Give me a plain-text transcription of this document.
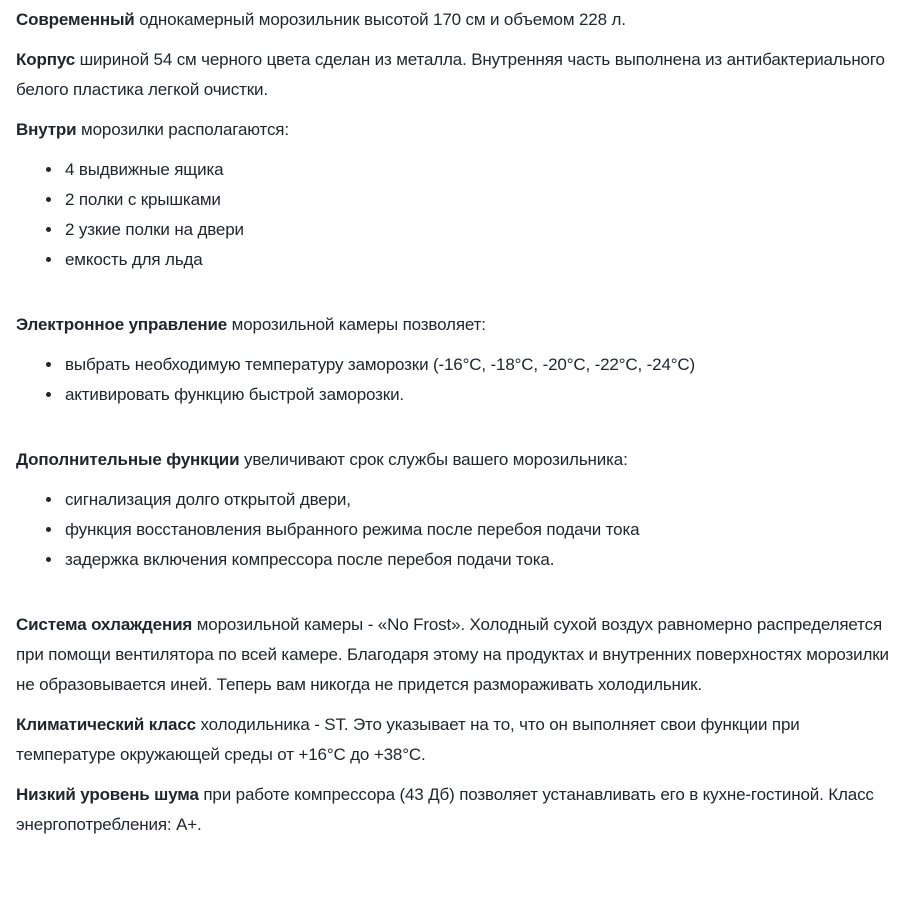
Современный однокамерный морозильник высотой 170 см и объемом 228 л.

Корпус шириной 54 см черного цвета сделан из металла. Внутренняя часть выполнена из антибактериального белого пластика легкой очистки.

Внутри морозилки располагаются:

• 4 выдвижные ящика
• 2 полки с крышками
• 2 узкие полки на двери
• емкость для льда

Электронное управление морозильной камеры позволяет:

• выбрать необходимую температуру заморозки (-16°C, -18°C, -20°C, -22°C, -24°C)
• активировать функцию быстрой заморозки.

Дополнительные функции увеличивают срок службы вашего морозильника:

• сигнализация долго открытой двери,
• функция восстановления выбранного режима после перебоя подачи тока
• задержка включения компрессора после перебоя подачи тока.

Система охлаждения морозильной камеры - «No Frost». Холодный сухой воздух равномерно распределяется при помощи вентилятора по всей камере. Благодаря этому на продуктах и внутренних поверхностях морозилки не образовывается иней. Теперь вам никогда не придется размораживать холодильник.

Климатический класс холодильника - ST. Это указывает на то, что он выполняет свои функции при температуре окружающей среды от +16°C до +38°C.

Низкий уровень шума при работе компрессора (43 Дб) позволяет устанавливать его в кухне-гостиной. Класс энергопотребления: А+.
